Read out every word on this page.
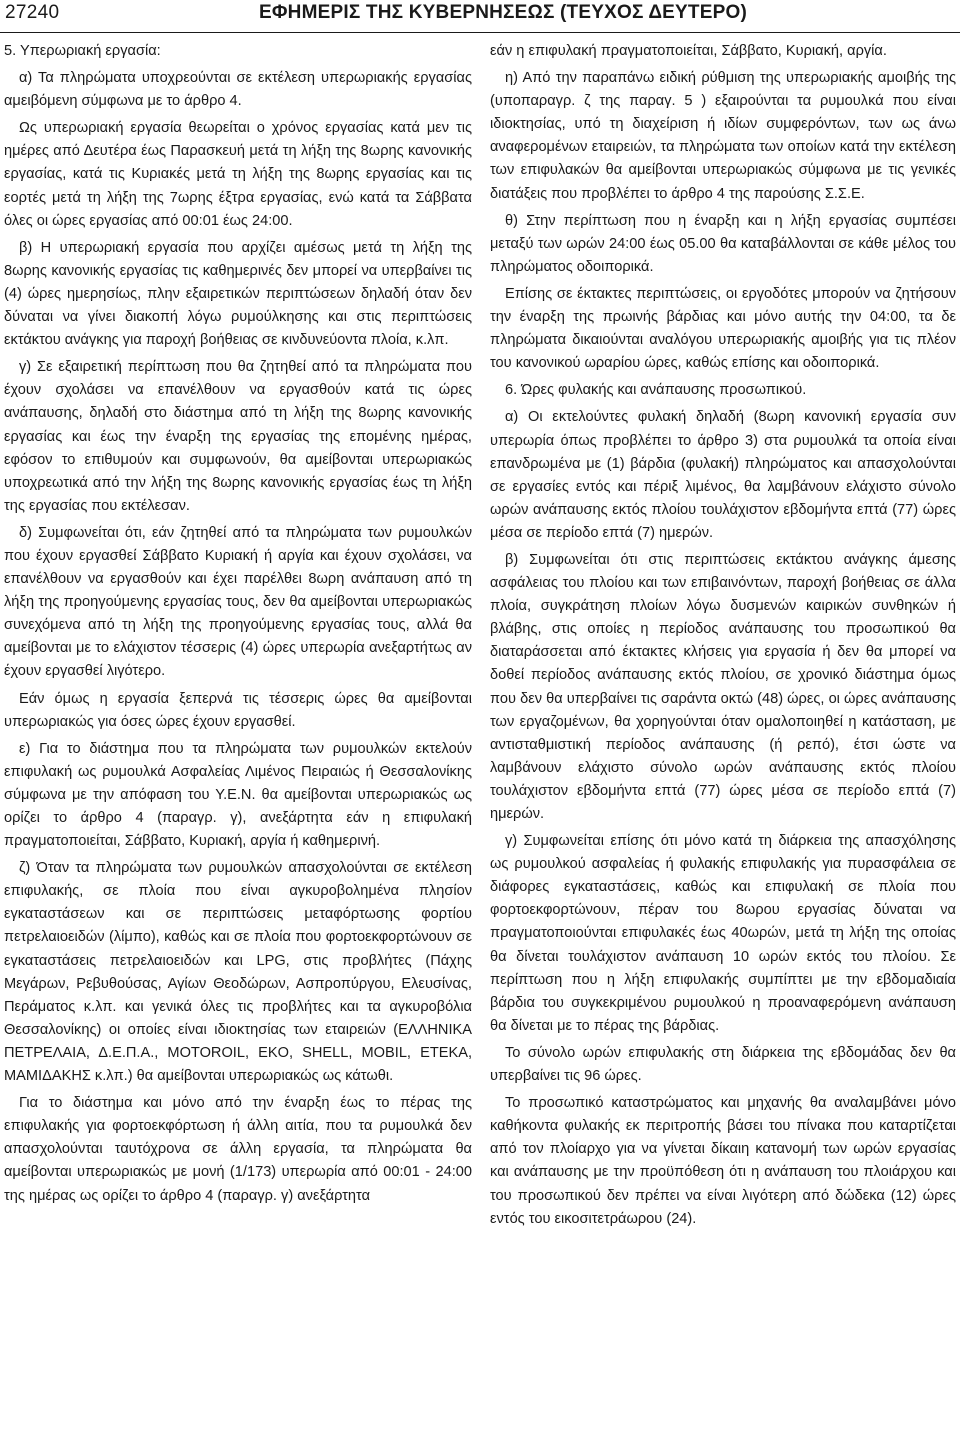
27240	ΕΦΗΜΕΡΙΣ ΤΗΣ ΚΥΒΕΡΝΗΣΕΩΣ (ΤΕΥΧΟΣ ΔΕΥΤΕΡΟ)

5. Υπερωριακή εργασία:

α) Τα πληρώματα υποχρεούνται σε εκτέλεση υπερωριακής εργασίας αμειβόμενη σύμφωνα με το άρθρο 4.

Ως υπερωριακή εργασία θεωρείται ο χρόνος εργασίας κατά μεν τις ημέρες από Δευτέρα έως Παρασκευή μετά τη λήξη της 8ωρης κανονικής εργασίας, κατά τις Κυριακές μετά τη λήξη της 8ωρης εργασίας και τις εορτές μετά τη λήξη της 7ωρης έξτρα εργασίας, ενώ κατά τα Σάββατα όλες οι ώρες εργασίας από 00:01 έως 24:00.

β) Η υπερωριακή εργασία που αρχίζει αμέσως μετά τη λήξη της 8ωρης κανονικής εργασίας τις καθημερινές δεν μπορεί να υπερβαίνει τις (4) ώρες ημερησίως, πλην εξαιρετικών περιπτώσεων δηλαδή όταν δεν δύναται να γίνει διακοπή λόγω ρυμούλκησης και στις περιπτώσεις εκτάκτου ανάγκης για παροχή βοήθειας σε κινδυνεύοντα πλοία, κ.λπ.

γ) Σε εξαιρετική περίπτωση που θα ζητηθεί από τα πληρώματα που έχουν σχολάσει να επανέλθουν να εργασθούν κατά τις ώρες ανάπαυσης, δηλαδή στο διάστημα από τη λήξη της 8ωρης κανονικής εργασίας και έως την έναρξη της εργασίας της επομένης ημέρας, εφόσον το επιθυμούν και συμφωνούν, θα αμείβονται υπερωριακώς υποχρεωτικά από την λήξη της 8ωρης κανονικής εργασίας έως τη λήξη της εργασίας που εκτέλεσαν.

δ) Συμφωνείται ότι, εάν ζητηθεί από τα πληρώματα των ρυμουλκών που έχουν εργασθεί Σάββατο Κυριακή ή αργία και έχουν σχολάσει, να επανέλθουν να εργασθούν και έχει παρέλθει 8ωρη ανάπαυση από τη λήξη της προηγούμενης εργασίας τους, δεν θα αμείβονται υπερωριακώς συνεχόμενα από τη λήξη της προηγούμενης εργασίας τους, αλλά θα αμείβονται με το ελάχιστον τέσσερις (4) ώρες υπερωρία ανεξαρτήτως αν έχουν εργασθεί λιγότερο.

Εάν όμως η εργασία ξεπερνά τις τέσσερις ώρες θα αμείβονται υπερωριακώς για όσες ώρες έχουν εργασθεί.

ε) Για το διάστημα που τα πληρώματα των ρυμουλκών εκτελούν επιφυλακή ως ρυμουλκά Ασφαλείας Λιμένος Πειραιώς ή Θεσσαλονίκης σύμφωνα με την απόφαση του Υ.Ε.Ν. θα αμείβονται υπερωριακώς ως ορίζει το άρθρο 4 (παραγρ. γ), ανεξάρτητα εάν η επιφυλακή πραγματοποιείται, Σάββατο, Κυριακή, αργία ή καθημερινή.

ζ) Όταν τα πληρώματα των ρυμουλκών απασχολούνται σε εκτέλεση επιφυλακής, σε πλοία που είναι αγκυροβολημένα πλησίον εγκαταστάσεων και σε περιπτώσεις μεταφόρτωσης φορτίου πετρελαιοειδών (λίμπο), καθώς και σε πλοία που φορτοεκφορτώνουν σε εγκαταστάσεις πετρελαιοειδών και LPG, στις προβλήτες (Πάχης Μεγάρων, Ρεβυθούσας, Αγίων Θεοδώρων, Ασπροπύργου, Ελευσίνας, Περάματος κ.λπ. και γενικά όλες τις προβλήτες και τα αγκυροβόλια Θεσσαλονίκης) οι οποίες είναι ιδιοκτησίας των εταιρειών (ΕΛΛΗΝΙΚΑ ΠΕΤΡΕΛΑΙΑ, Δ.Ε.Π.Α., MOTOROIL, EKO, SHELL, MOBIL, ΕΤΕΚΑ, ΜΑΜΙΔΑΚΗΣ κ.λπ.) θα αμείβονται υπερωριακώς ως κάτωθι.

Για το διάστημα και μόνο από την έναρξη έως το πέρας της επιφυλακής για φορτοεκφόρτωση ή άλλη αιτία, που τα ρυμουλκά δεν απασχολούνται ταυτόχρονα σε άλλη εργασία, τα πληρώματα θα αμείβονται υπερωριακώς με μονή (1/173) υπερωρία από 00:01 - 24:00 της ημέρας ως ορίζει το άρθρο 4 (παραγρ. γ) ανεξάρτητα

εάν η επιφυλακή πραγματοποιείται, Σάββατο, Κυριακή, αργία.

η) Από την παραπάνω ειδική ρύθμιση της υπερωριακής αμοιβής της (υποπαραγρ. ζ της παραγ. 5 ) εξαιρούνται τα ρυμουλκά που είναι ιδιοκτησίας, υπό τη διαχείριση ή ιδίων συμφερόντων, των ως άνω αναφερομένων εταιρειών, τα πληρώματα των οποίων κατά την εκτέλεση των επιφυλακών θα αμείβονται υπερωριακώς σύμφωνα με τις γενικές διατάξεις που προβλέπει το άρθρο 4 της παρούσης Σ.Σ.Ε.

θ) Στην περίπτωση που η έναρξη και η λήξη εργασίας συμπέσει μεταξύ των ωρών 24:00 έως 05.00 θα καταβάλλονται σε κάθε μέλος του πληρώματος οδοιπορικά.

Επίσης σε έκτακτες περιπτώσεις, οι εργοδότες μπορούν να ζητήσουν την έναρξη της πρωινής βάρδιας και μόνο αυτής την 04:00, τα δε πληρώματα δικαιούνται αναλόγου υπερωριακής αμοιβής για τις πλέον του κανονικού ωραρίου ώρες, καθώς επίσης και οδοιπορικά.

6. Ώρες φυλακής και ανάπαυσης προσωπικού.

α) Οι εκτελούντες φυλακή δηλαδή (8ωρη κανονική εργασία συν υπερωρία όπως προβλέπει το άρθρο 3) στα ρυμουλκά τα οποία είναι επανδρωμένα με (1) βάρδια (φυλακή) πληρώματος και απασχολούνται σε εργασίες εντός και πέριξ λιμένος, θα λαμβάνουν ελάχιστο σύνολο ωρών ανάπαυσης εκτός πλοίου τουλάχιστον εβδομήντα επτά (77) ώρες μέσα σε περίοδο επτά (7) ημερών.

β) Συμφωνείται ότι στις περιπτώσεις εκτάκτου ανάγκης άμεσης ασφάλειας του πλοίου και των επιβαινόντων, παροχή βοήθειας σε άλλα πλοία, συγκράτηση πλοίων λόγω δυσμενών καιρικών συνθηκών ή βλάβης, στις οποίες η περίοδος ανάπαυσης του προσωπικού θα διαταράσσεται από έκτακτες κλήσεις για εργασία ή δεν θα μπορεί να δοθεί περίοδος ανάπαυσης εκτός πλοίου, σε χρονικό διάστημα όμως που δεν θα υπερβαίνει τις σαράντα οκτώ (48) ώρες, οι ώρες ανάπαυσης των εργαζομένων, θα χορηγούνται όταν ομαλοποιηθεί η κατάσταση, με αντισταθμιστική περίοδος ανάπαυσης (ή ρεπό), έτσι ώστε να λαμβάνουν ελάχιστο σύνολο ωρών ανάπαυσης εκτός πλοίου τουλάχιστον εβδομήντα επτά (77) ώρες μέσα σε περίοδο επτά (7) ημερών.

γ) Συμφωνείται επίσης ότι μόνο κατά τη διάρκεια της απασχόλησης ως ρυμουλκού ασφαλείας ή φυλακής επιφυλακής για πυρασφάλεια σε διάφορες εγκαταστάσεις, καθώς και επιφυλακή σε πλοία που φορτοεκφορτώνουν, πέραν του 8ωρου εργασίας δύναται να πραγματοποιούνται επιφυλακές έως 40ωρών, μετά τη λήξη της οποίας θα δίνεται τουλάχιστον ανάπαυση 10 ωρών εκτός του πλοίου. Σε περίπτωση που η λήξη επιφυλακής συμπίπτει με την εβδομαδιαία βάρδια του συγκεκριμένου ρυμουλκού η προαναφερόμενη ανάπαυση θα δίνεται με το πέρας της βάρδιας.

Το σύνολο ωρών επιφυλακής στη διάρκεια της εβδομάδας δεν θα υπερβαίνει τις 96 ώρες.

Το προσωπικό καταστρώματος και μηχανής θα αναλαμβάνει μόνο καθήκοντα φυλακής εκ περιτροπής βάσει του πίνακα που καταρτίζεται από τον πλοίαρχο για να γίνεται δίκαιη κατανομή των ωρών εργασίας και ανάπαυσης με την προϋπόθεση ότι η ανάπαυση του πλοιάρχου και του προσωπικού δεν πρέπει να είναι λιγότερη από δώδεκα (12) ώρες εντός του εικοσιτετράωρου (24).
